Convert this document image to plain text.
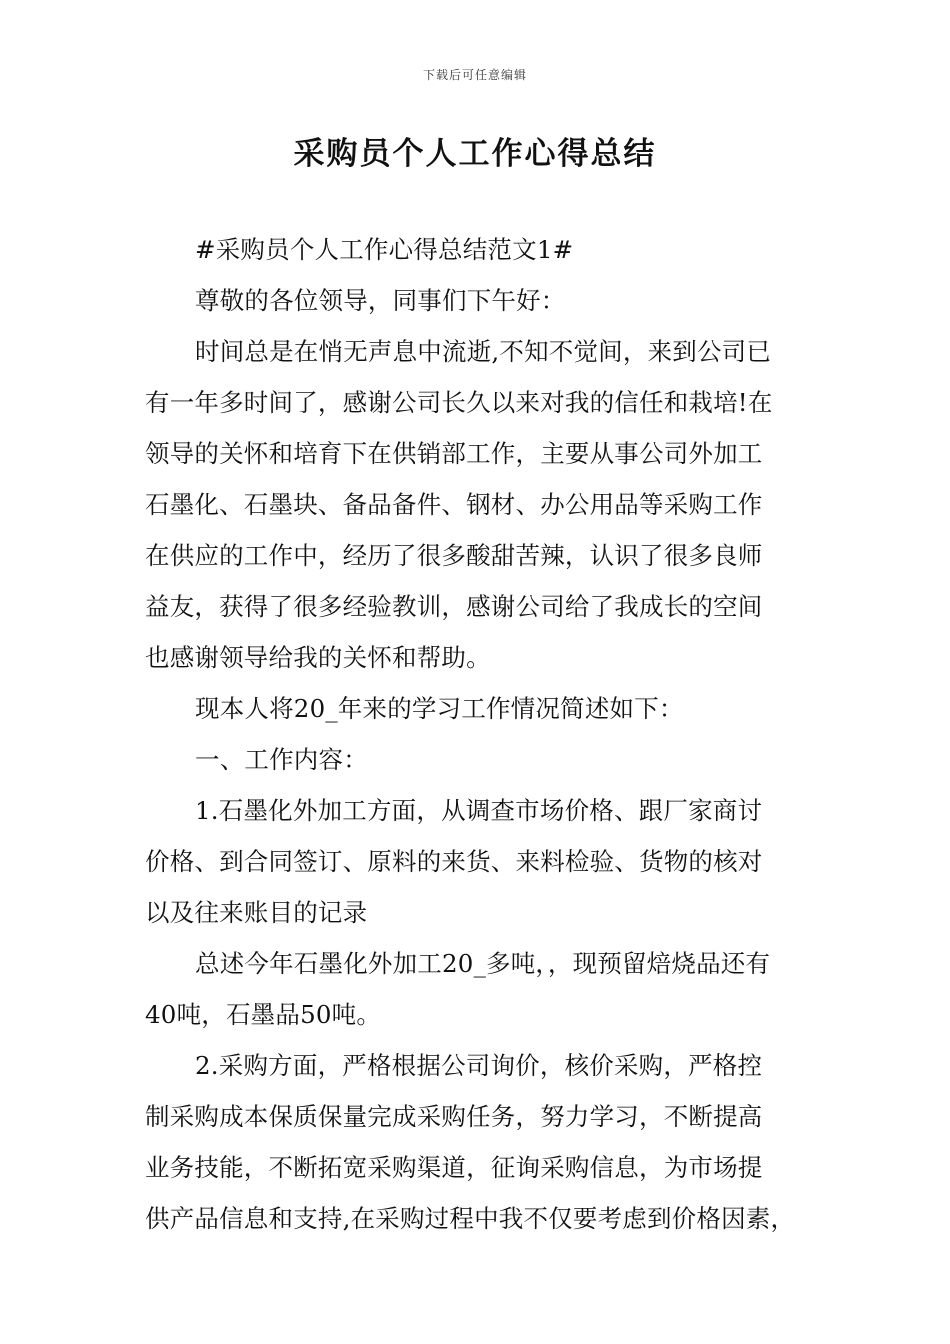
下载后可任意编辑
采购员个人工作心得总结
#采购员个人工作心得总结范文1#
尊敬的各位领导，同事们下午好：
时间总是在悄无声息中流逝,不知不觉间，来到公司已
有一年多时间了，感谢公司长久以来对我的信任和栽培!在
领导的关怀和培育下在供销部工作，主要从事公司外加工
石墨化、石墨块、备品备件、钢材、办公用品等采购工作
在供应的工作中，经历了很多酸甜苦辣，认识了很多良师
益友，获得了很多经验教训，感谢公司给了我成长的空间
也感谢领导给我的关怀和帮助。
现本人将20_年来的学习工作情况简述如下：
一、工作内容：
1.石墨化外加工方面，从调查市场价格、跟厂家商讨
价格、到合同签订、原料的来货、来料检验、货物的核对
以及往来账目的记录
总述今年石墨化外加工20_多吨，，现预留焙烧品还有
40吨，石墨品50吨。
2.采购方面，严格根据公司询价，核价采购，严格控
制采购成本保质保量完成采购任务，努力学习，不断提高
业务技能，不断拓宽采购渠道，征询采购信息，为市场提
供产品信息和支持,在采购过程中我不仅要考虑到价格因素，
